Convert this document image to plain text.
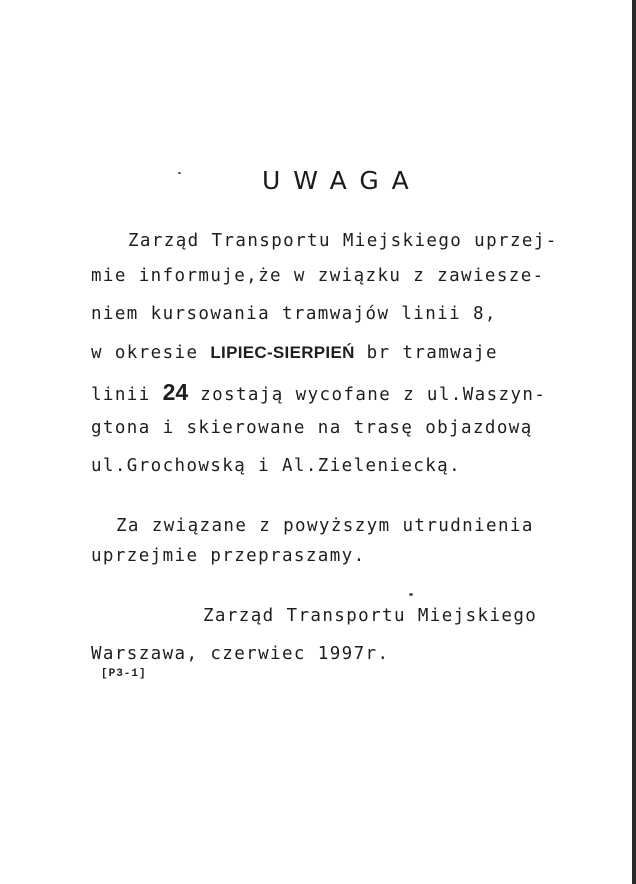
UWAGA
Zarząd Transportu Miejskiego uprzej-
mie informuje,że w związku z zawiesze-
niem kursowania tramwajów linii 8,
w okresie LIPIEC-SIERPIEŃ br tramwaje
linii 24 zostają wycofane z ul.Waszyn-
gtona i skierowane na trasę objazdową
ul.Grochowską i Al.Zieleniecką.
Za związane z powyższym utrudnienia
uprzejmie przepraszamy.
Zarząd Transportu Miejskiego
Warszawa, czerwiec 1997r.
[P3-1]
